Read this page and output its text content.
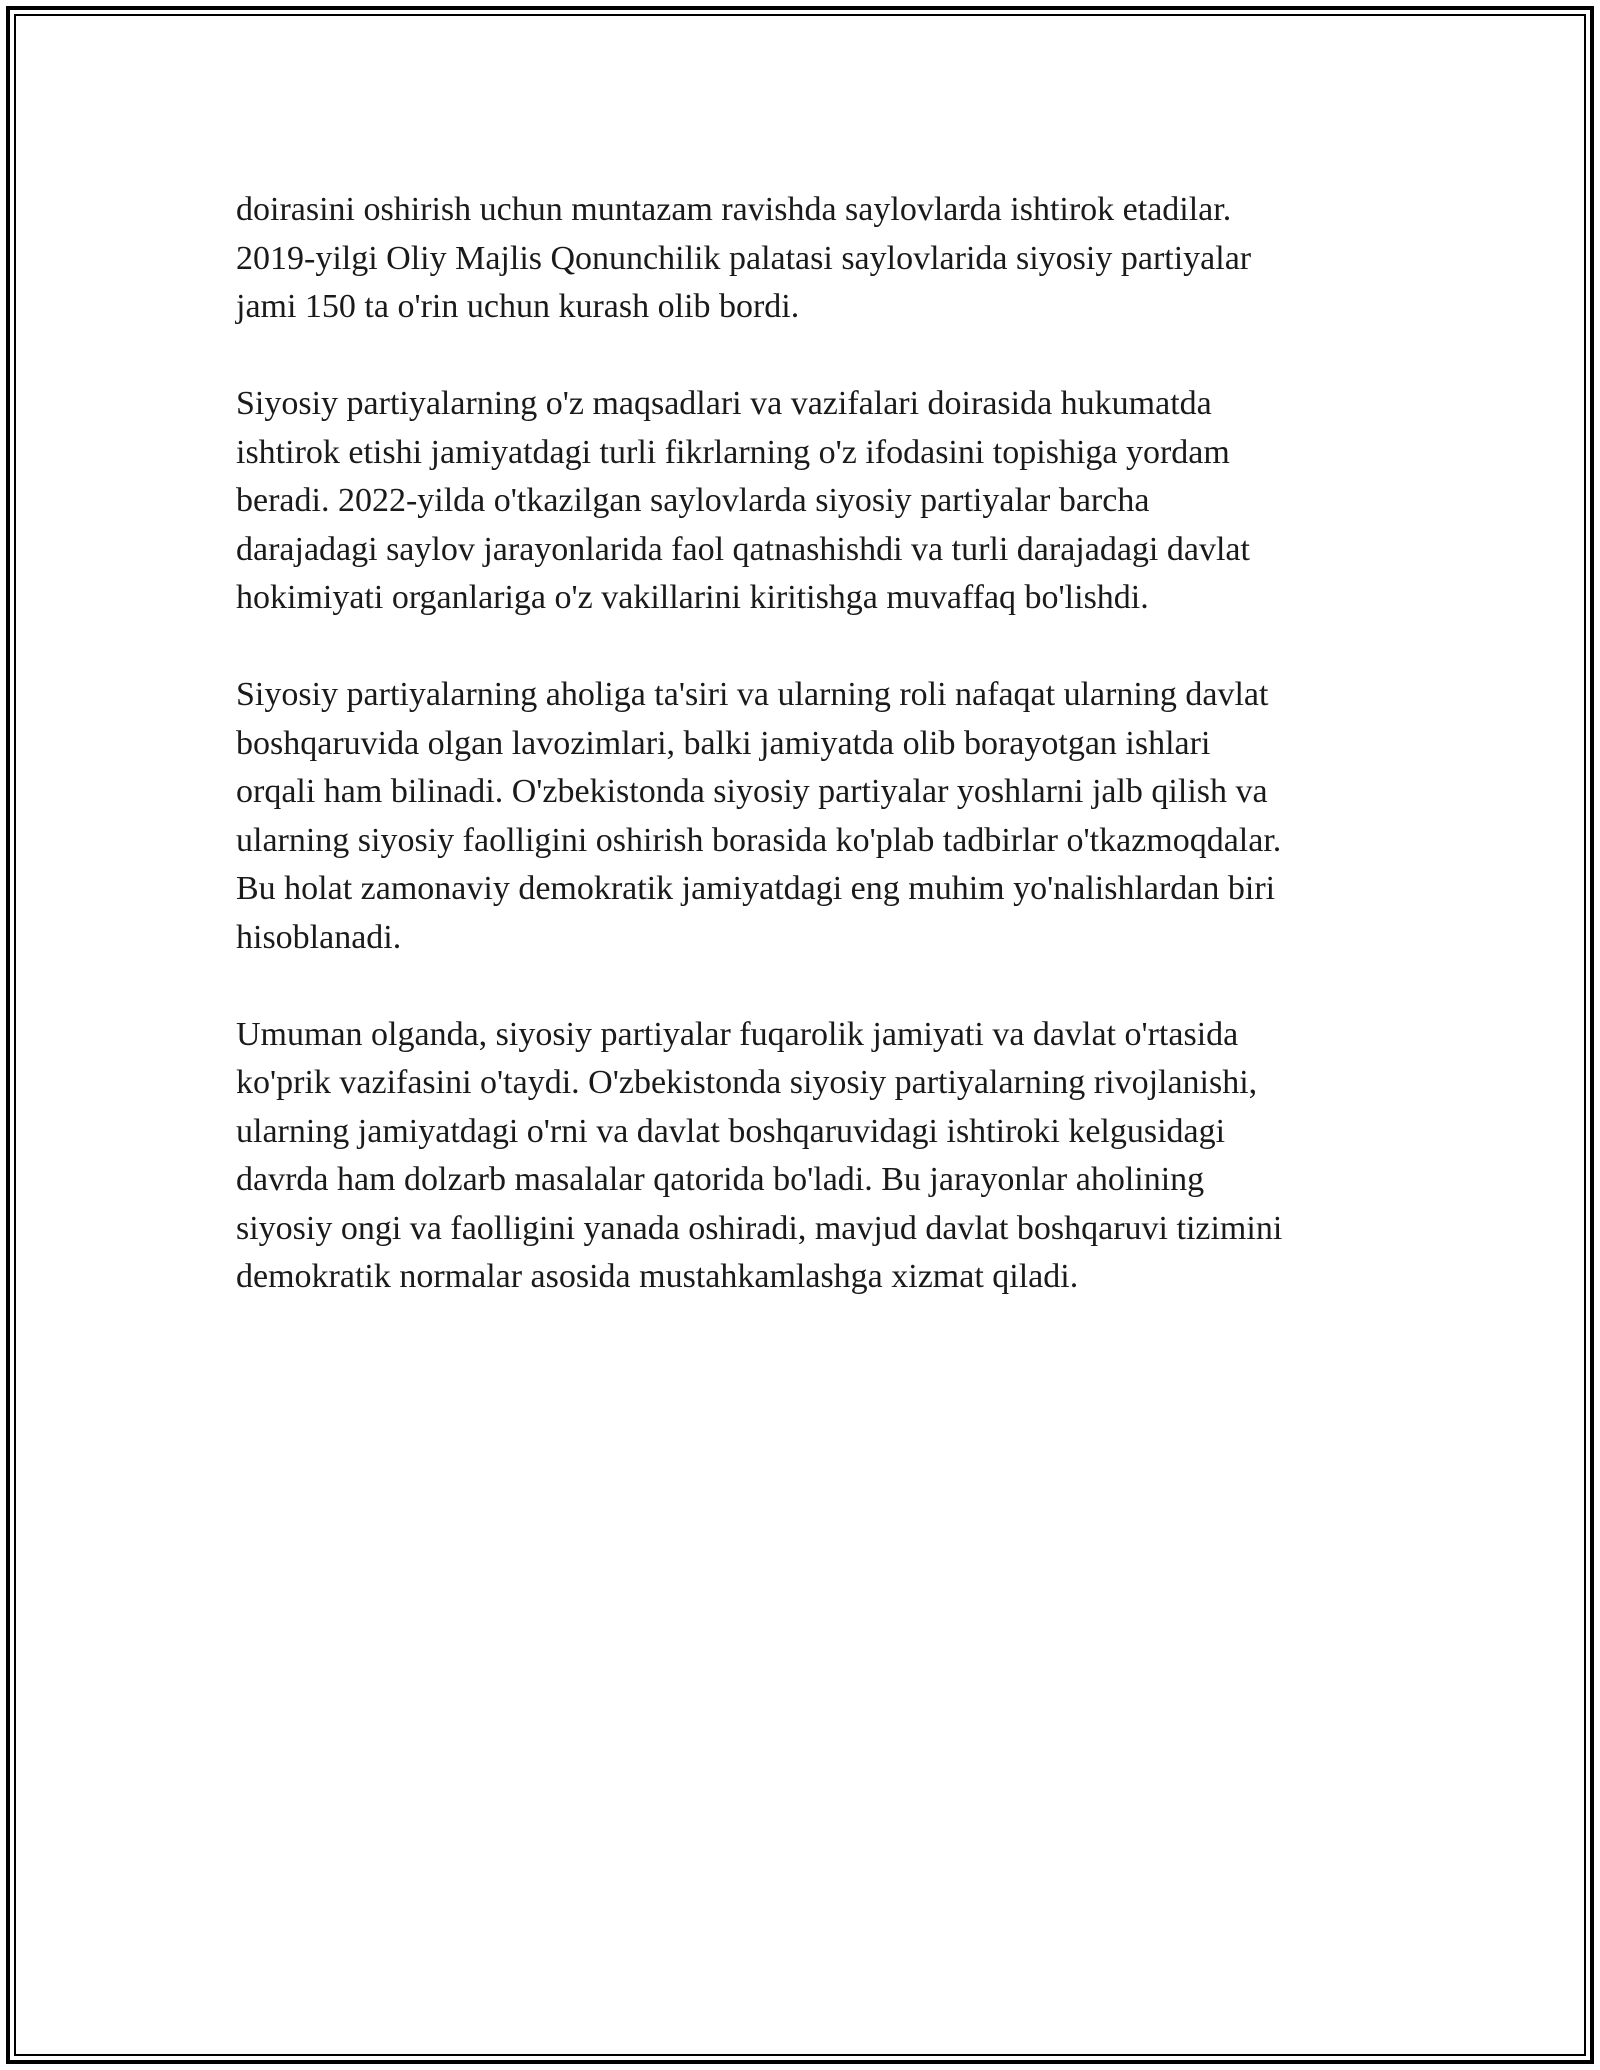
doirasini oshirish uchun muntazam ravishda saylovlarda ishtirok etadilar.
2019-yilgi Oliy Majlis Qonunchilik palatasi saylovlarida siyosiy partiyalar
jami 150 ta o'rin uchun kurash olib bordi.

Siyosiy partiyalarning o'z maqsadlari va vazifalari doirasida hukumatda
ishtirok etishi jamiyatdagi turli fikrlarning o'z ifodasini topishiga yordam
beradi. 2022-yilda o'tkazilgan saylovlarda siyosiy partiyalar barcha
darajadagi saylov jarayonlarida faol qatnashishdi va turli darajadagi davlat
hokimiyati organlariga o'z vakillarini kiritishga muvaffaq bo'lishdi.

Siyosiy partiyalarning aholiga ta'siri va ularning roli nafaqat ularning davlat
boshqaruvida olgan lavozimlari, balki jamiyatda olib borayotgan ishlari
orqali ham bilinadi. O'zbekistonda siyosiy partiyalar yoshlarni jalb qilish va
ularning siyosiy faolligini oshirish borasida ko'plab tadbirlar o'tkazmoqdalar.
Bu holat zamonaviy demokratik jamiyatdagi eng muhim yo'nalishlardan biri
hisoblanadi.

Umuman olganda, siyosiy partiyalar fuqarolik jamiyati va davlat o'rtasida
ko'prik vazifasini o'taydi. O'zbekistonda siyosiy partiyalarning rivojlanishi,
ularning jamiyatdagi o'rni va davlat boshqaruvidagi ishtiroki kelgusidagi
davrda ham dolzarb masalalar qatorida bo'ladi. Bu jarayonlar aholining
siyosiy ongi va faolligini yanada oshiradi, mavjud davlat boshqaruvi tizimini
demokratik normalar asosida mustahkamlashga xizmat qiladi.
